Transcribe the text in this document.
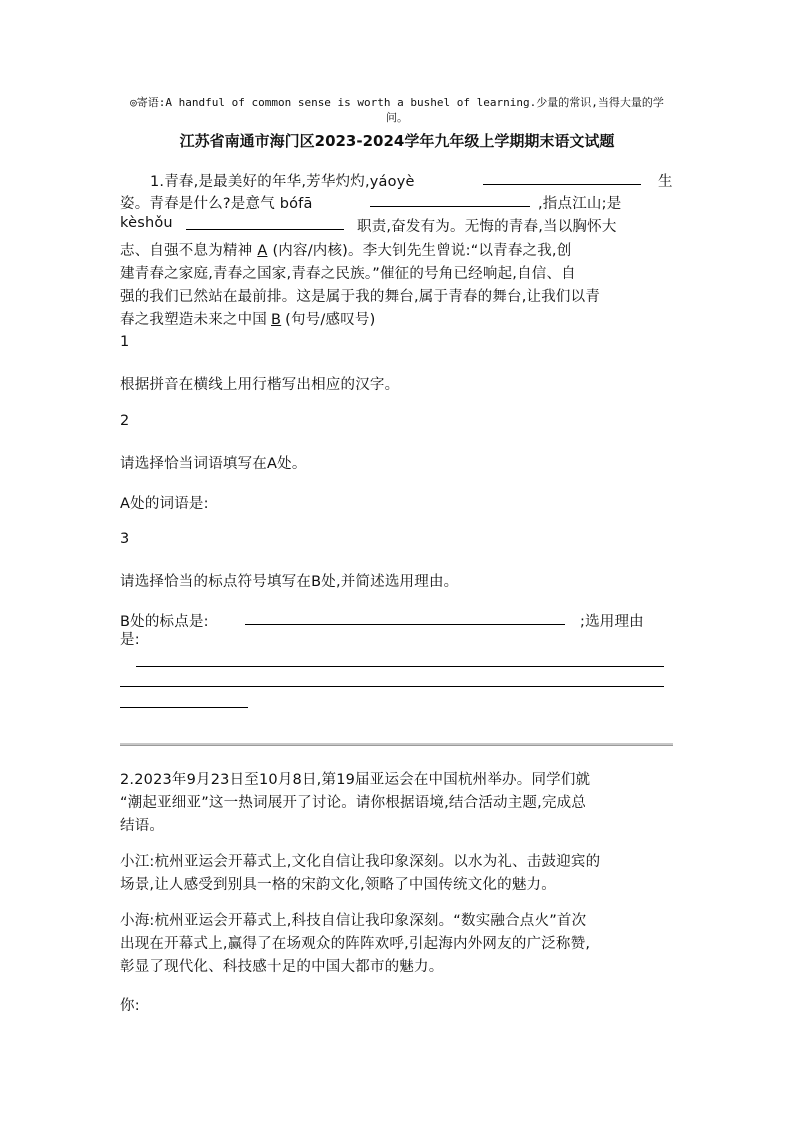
◎寄语:A handful of common sense is worth a bushel of learning.少量的常识,当得大量的学
问。
江苏省南通市海门区2023-2024学年九年级上学期期末语文试题
1.青春,是最美好的年华,芳华灼灼,yáoyè	生
姿。青春是什么?是意气 bófā	,指点江山;是
kèshǒu	职责,奋发有为。无悔的青春,当以胸怀大
志、自强不息为精神 A (内容/内核)。李大钊先生曾说:“以青春之我,创
建青春之家庭,青春之国家,青春之民族。”催征的号角已经响起,自信、自
强的我们已然站在最前排。这是属于我的舞台,属于青春的舞台,让我们以青
春之我塑造未来之中国 B (句号/感叹号)
1
根据拼音在横线上用行楷写出相应的汉字。
2
请选择恰当词语填写在A处。
A处的词语是:
3
请选择恰当的标点符号填写在B处,并简述选用理由。
B处的标点是:	;选用理由
是:
2.2023年9月23日至10月8日,第19届亚运会在中国杭州举办。同学们就
“潮起亚细亚”这一热词展开了讨论。请你根据语境,结合活动主题,完成总
结语。
小江:杭州亚运会开幕式上,文化自信让我印象深刻。以水为礼、击鼓迎宾的
场景,让人感受到别具一格的宋韵文化,领略了中国传统文化的魅力。
小海:杭州亚运会开幕式上,科技自信让我印象深刻。“数实融合点火”首次
出现在开幕式上,赢得了在场观众的阵阵欢呼,引起海内外网友的广泛称赞,
彰显了现代化、科技感十足的中国大都市的魅力。
你:
